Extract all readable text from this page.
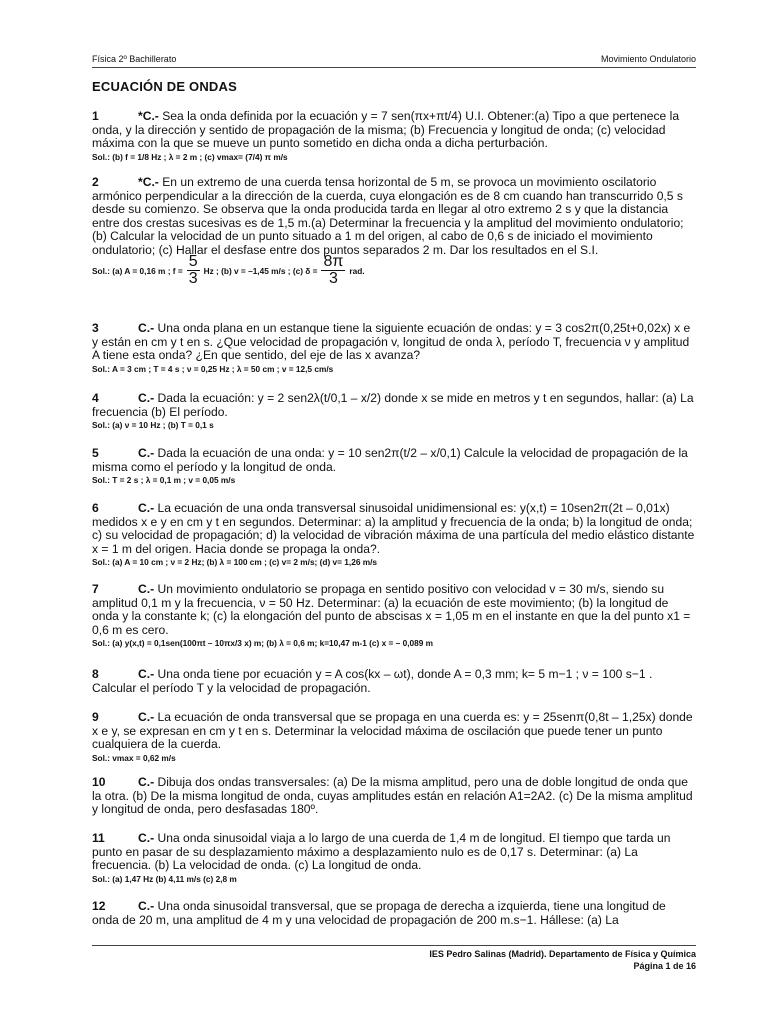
Física 2º Bachillerato	Movimiento Ondulatorio
ECUACIÓN DE ONDAS

1	*C.- Sea la onda definida por la ecuación y = 7 sen(πx+πt/4) U.I. Obtener:(a) Tipo a que pertenece la onda, y la dirección y sentido de propagación de la misma; (b) Frecuencia y longitud de onda; (c) velocidad máxima con la que se mueve un punto sometido en dicha onda a dicha perturbación.

Sol.: (b) f = 1/8 Hz ; λ = 2 m ; (c) vmax= (7/4) π m/s

2	*C.- En un extremo de una cuerda tensa horizontal de 5 m, se provoca un movimiento oscilatorio armónico perpendicular a la dirección de la cuerda, cuya elongación es de 8 cm cuando han transcurrido 0,5 s desde su comienzo. Se observa que la onda producida tarda en llegar al otro extremo 2 s y que la distancia entre dos crestas sucesivas es de 1,5 m.(a) Determinar la frecuencia y la amplitud del movimiento ondulatorio; (b) Calcular la velocidad de un punto situado a 1 m del origen, al cabo de 0,6 s de iniciado el movimiento ondulatorio; (c) Hallar el desfase entre dos puntos separados 2 m. Dar los resultados en el S.I.

Sol.: (a) A = 0,16 m ; $f = \frac{5}{3}$ Hz ; (b) v = –1,45 m/s ; (c) $\delta = \frac{8\pi}{3}$ rad.

3	C.- Una onda plana en un estanque tiene la siguiente ecuación de ondas: y = 3 cos2π(0,25t+0,02x) x e y están en cm y t en s. ¿Que velocidad de propagación v, longitud de onda λ, período T, frecuencia ν y amplitud A tiene esta onda? ¿En que sentido, del eje de las x avanza?

Sol.: A = 3 cm ; T = 4 s ; ν = 0,25 Hz ; λ = 50 cm ; v = 12,5 cm/s

4	C.- Dada la ecuación: y = 2 sen2λ(t/0,1 – x/2) donde x se mide en metros y t en segundos, hallar: (a) La frecuencia (b) El período.

Sol.: (a) ν = 10 Hz ; (b) T = 0,1 s

5	C.- Dada la ecuación de una onda: y = 10 sen2π(t/2 – x/0,1) Calcule la velocidad de propagación de la misma como el período y la longitud de onda.

Sol.: T = 2 s ; λ = 0,1 m ; v = 0,05 m/s

6	C.- La ecuación de una onda transversal sinusoidal unidimensional es: y(x,t) = 10sen2π(2t – 0,01x) medidos x e y en cm y t en segundos. Determinar: a) la amplitud y frecuencia de la onda; b) la longitud de onda; c) su velocidad de propagación; d) la velocidad de vibración máxima de una partícula del medio elástico distante x = 1 m del origen. Hacia donde se propaga la onda?.

Sol.: (a) A = 10 cm ; ν = 2 Hz; (b) λ = 100 cm ; (c) v= 2 m/s; (d) v= 1,26 m/s

7	C.- Un movimiento ondulatorio se propaga en sentido positivo con velocidad v = 30 m/s, siendo su amplitud 0,1 m y la frecuencia, ν = 50 Hz. Determinar: (a) la ecuación de este movimiento; (b) la longitud de onda y la constante k; (c) la elongación del punto de abscisas x = 1,05 m en el instante en que la del punto x1 = 0,6 m es cero.

Sol.: (a) y(x,t) = 0,1sen(100πt – 10πx/3 x) m; (b) λ = 0,6 m; k=10,47 m-1 (c) x = – 0,089 m

8	C.- Una onda tiene por ecuación y = A cos(kx – ωt), donde A = 0,3 mm; k= 5 m−1 ; ν = 100 s−1 . Calcular el período T y la velocidad de propagación.

9	C.- La ecuación de onda transversal que se propaga en una cuerda es: y = 25senπ(0,8t – 1,25x) donde x e y, se expresan en cm y t en s. Determinar la velocidad máxima de oscilación que puede tener un punto cualquiera de la cuerda.

Sol.: vmax = 0,62 m/s

10	C.- Dibuja dos ondas transversales: (a) De la misma amplitud, pero una de doble longitud de onda que la otra. (b) De la misma longitud de onda, cuyas amplitudes están en relación A1=2A2. (c) De la misma amplitud y longitud de onda, pero desfasadas 180º.

11	C.- Una onda sinusoidal viaja a lo largo de una cuerda de 1,4 m de longitud. El tiempo que tarda un punto en pasar de su desplazamiento máximo a desplazamiento nulo es de 0,17 s. Determinar: (a) La frecuencia. (b) La velocidad de onda. (c) La longitud de onda.

Sol.: (a) 1,47 Hz (b) 4,11 m/s (c) 2,8 m

12	C.- Una onda sinusoidal transversal, que se propaga de derecha a izquierda, tiene una longitud de onda de 20 m, una amplitud de 4 m y una velocidad de propagación de 200 m.s−1. Hállese: (a) La

IES Pedro Salinas (Madrid). Departamento de Física y Química
Página 1 de 16
